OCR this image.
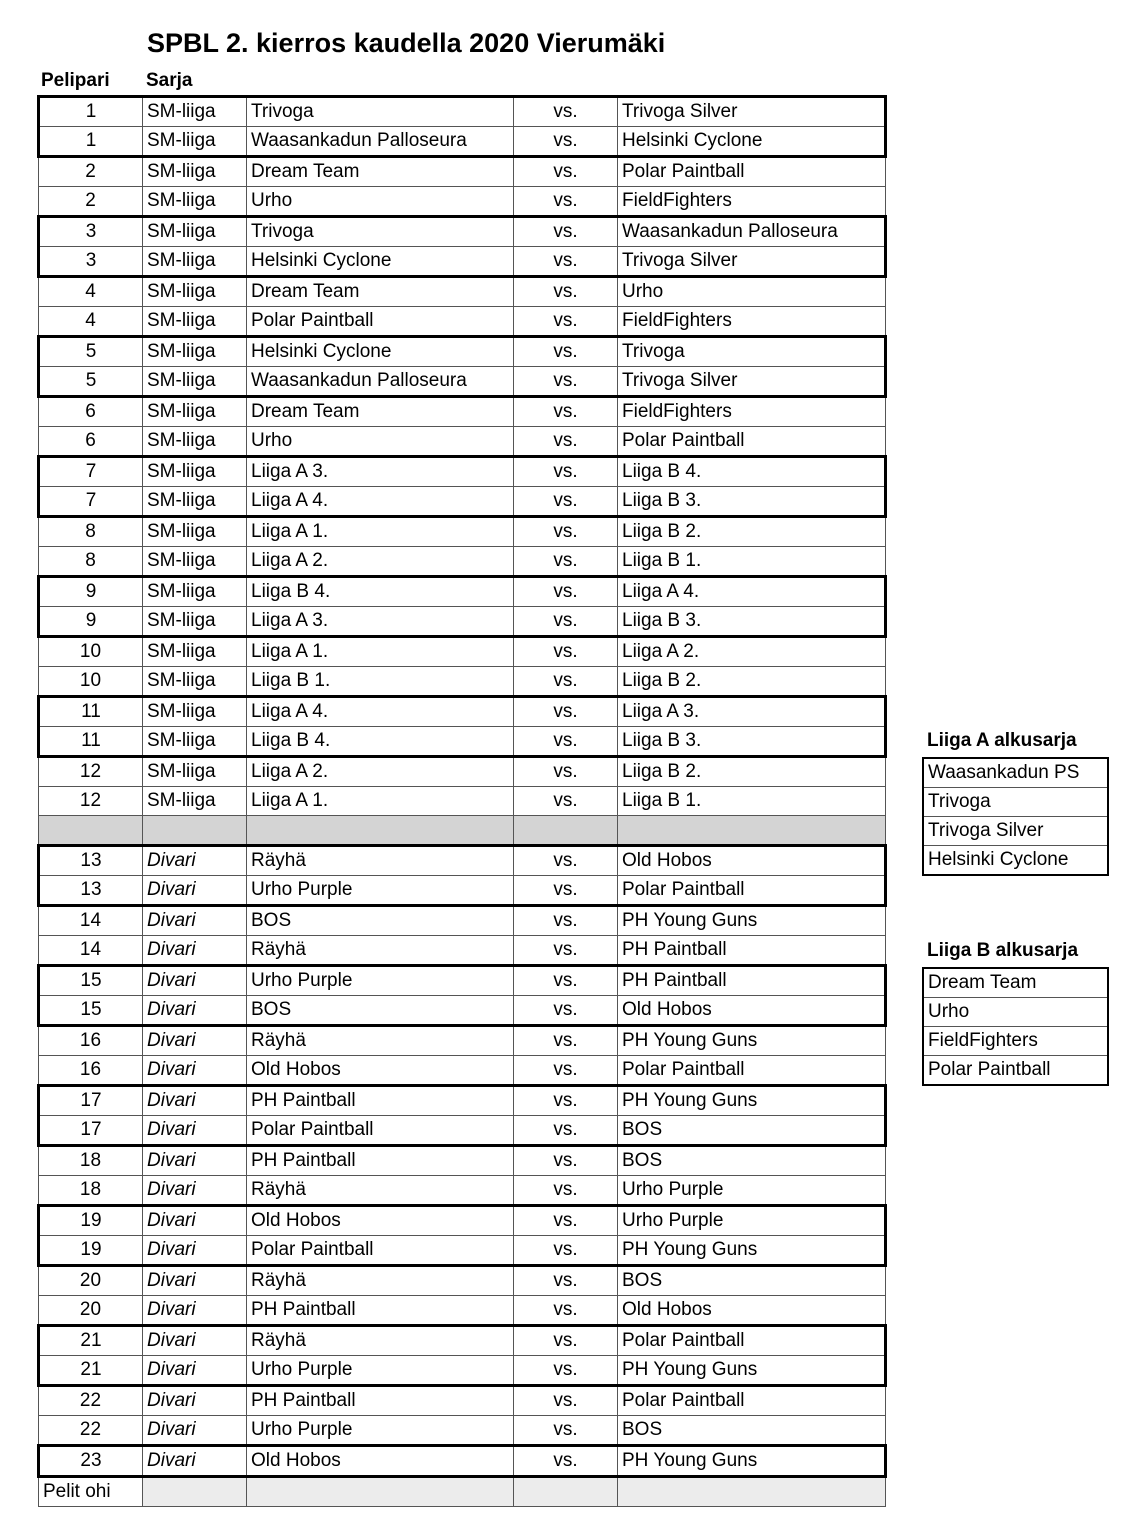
SPBL 2. kierros kaudella 2020 Vierumäki
Pelipari Sarja
1	SM-liiga	Trivoga	vs.	Trivoga Silver
1	SM-liiga	Waasankadun Palloseura	vs.	Helsinki Cyclone
2	SM-liiga	Dream Team	vs.	Polar Paintball
2	SM-liiga	Urho	vs.	FieldFighters
3	SM-liiga	Trivoga	vs.	Waasankadun Palloseura
3	SM-liiga	Helsinki Cyclone	vs.	Trivoga Silver
4	SM-liiga	Dream Team	vs.	Urho
4	SM-liiga	Polar Paintball	vs.	FieldFighters
5	SM-liiga	Helsinki Cyclone	vs.	Trivoga
5	SM-liiga	Waasankadun Palloseura	vs.	Trivoga Silver
6	SM-liiga	Dream Team	vs.	FieldFighters
6	SM-liiga	Urho	vs.	Polar Paintball
7	SM-liiga	Liiga A 3.	vs.	Liiga B 4.
7	SM-liiga	Liiga A 4.	vs.	Liiga B 3.
8	SM-liiga	Liiga A 1.	vs.	Liiga B 2.
8	SM-liiga	Liiga A 2.	vs.	Liiga B 1.
9	SM-liiga	Liiga B 4.	vs.	Liiga A 4.
9	SM-liiga	Liiga A 3.	vs.	Liiga B 3.
10	SM-liiga	Liiga A 1.	vs.	Liiga A 2.
10	SM-liiga	Liiga B 1.	vs.	Liiga B 2.
11	SM-liiga	Liiga A 4.	vs.	Liiga A 3.
11	SM-liiga	Liiga B 4.	vs.	Liiga B 3.
12	SM-liiga	Liiga A 2.	vs.	Liiga B 2.
12	SM-liiga	Liiga A 1.	vs.	Liiga B 1.

13	Divari	Räyhä	vs.	Old Hobos
13	Divari	Urho Purple	vs.	Polar Paintball
14	Divari	BOS	vs.	PH Young Guns
14	Divari	Räyhä	vs.	PH Paintball
15	Divari	Urho Purple	vs.	PH Paintball
15	Divari	BOS	vs.	Old Hobos
16	Divari	Räyhä	vs.	PH Young Guns
16	Divari	Old Hobos	vs.	Polar Paintball
17	Divari	PH Paintball	vs.	PH Young Guns
17	Divari	Polar Paintball	vs.	BOS
18	Divari	PH Paintball	vs.	BOS
18	Divari	Räyhä	vs.	Urho Purple
19	Divari	Old Hobos	vs.	Urho Purple
19	Divari	Polar Paintball	vs.	PH Young Guns
20	Divari	Räyhä	vs.	BOS
20	Divari	PH Paintball	vs.	Old Hobos
21	Divari	Räyhä	vs.	Polar Paintball
21	Divari	Urho Purple	vs.	PH Young Guns
22	Divari	PH Paintball	vs.	Polar Paintball
22	Divari	Urho Purple	vs.	BOS
23	Divari	Old Hobos	vs.	PH Young Guns
Pelit ohi				
Liiga A alkusarja
Waasankadun PS
Trivoga
Trivoga Silver
Helsinki Cyclone
Liiga B alkusarja
Dream Team
Urho
FieldFighters
Polar Paintball
